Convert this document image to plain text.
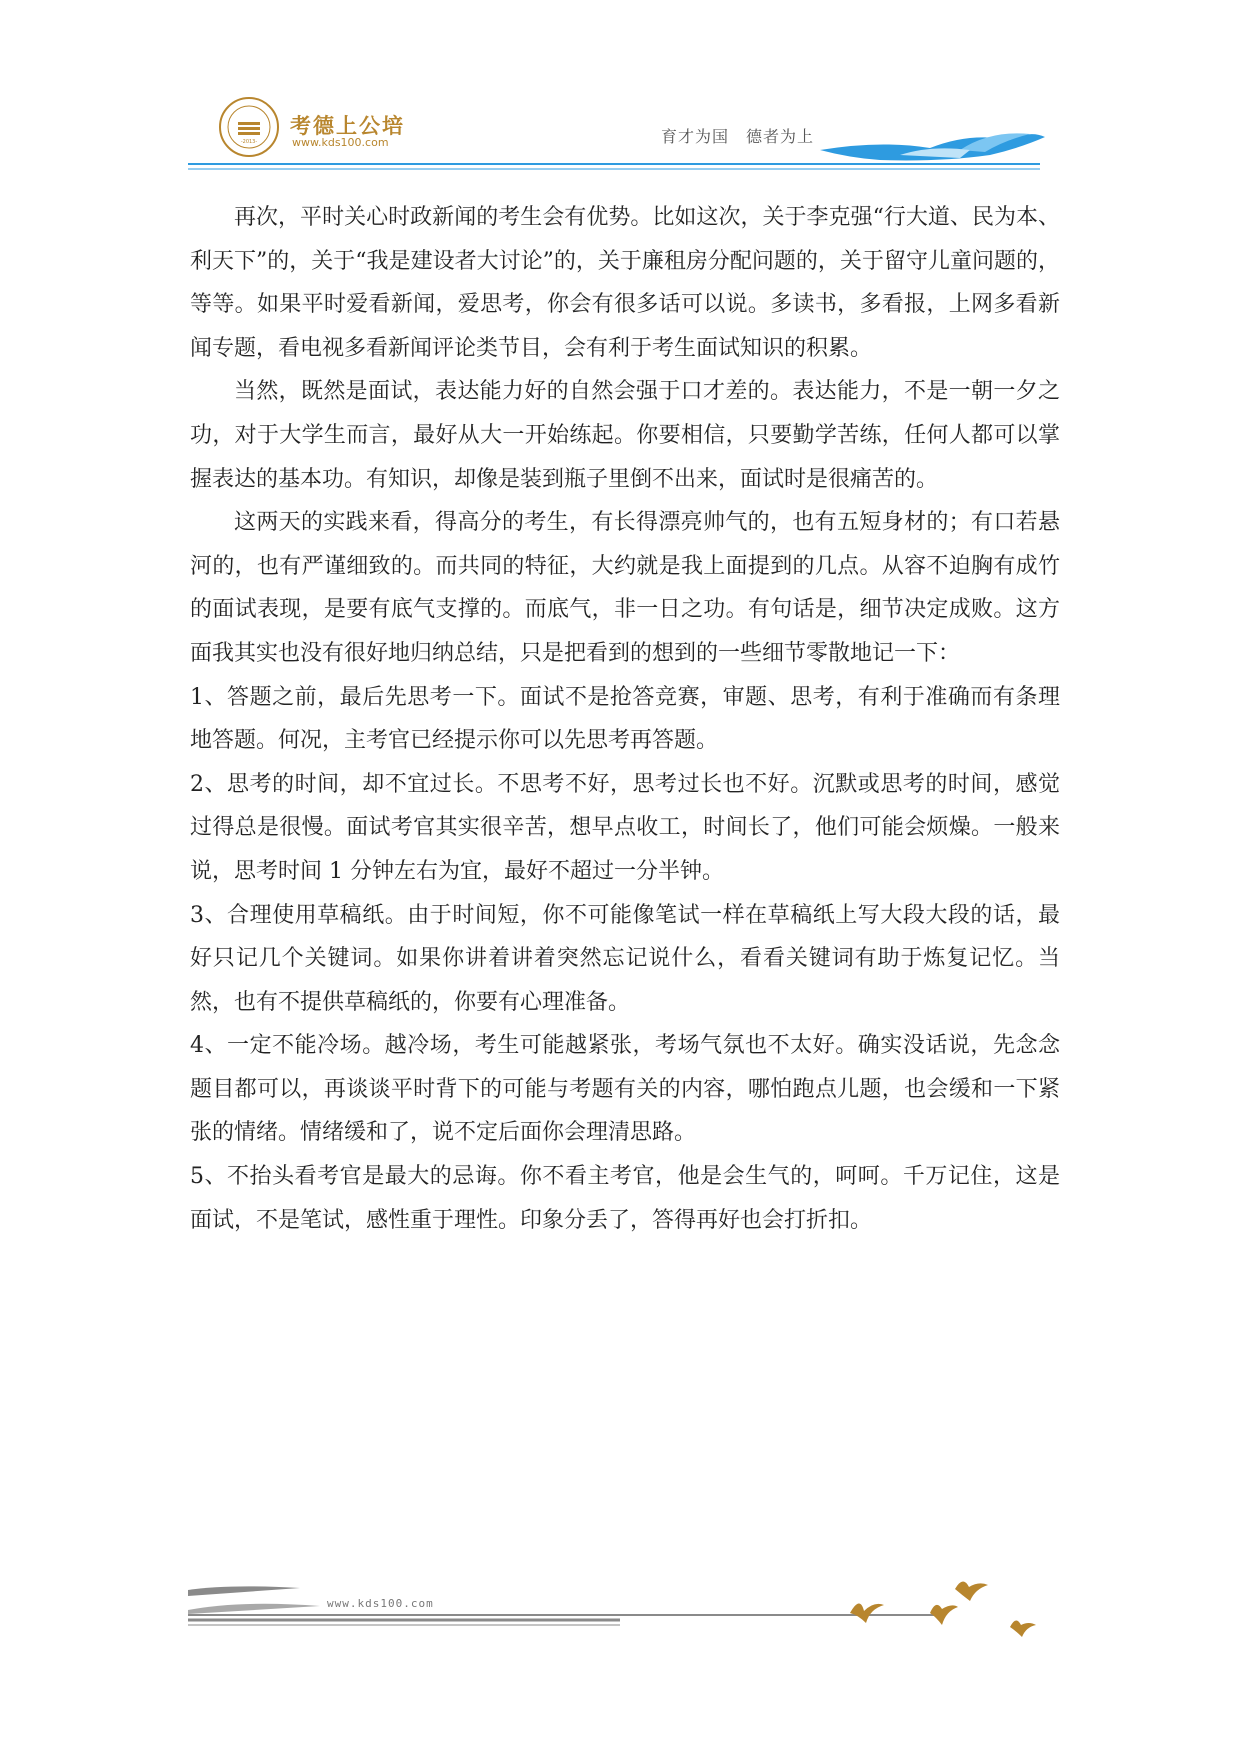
-2013-
考德上公培
www.kds100.com	育才为国　德者为上

再次，平时关心时政新闻的考生会有优势。比如这次，关于李克强“行大道、民为本、利天下”的，关于“我是建设者大讨论”的，关于廉租房分配问题的，关于留守儿童问题的，等等。如果平时爱看新闻，爱思考，你会有很多话可以说。多读书，多看报，上网多看新闻专题，看电视多看新闻评论类节目，会有利于考生面试知识的积累。

当然，既然是面试，表达能力好的自然会强于口才差的。表达能力，不是一朝一夕之功，对于大学生而言，最好从大一开始练起。你要相信，只要勤学苦练，任何人都可以掌握表达的基本功。有知识，却像是装到瓶子里倒不出来，面试时是很痛苦的。

这两天的实践来看，得高分的考生，有长得漂亮帅气的，也有五短身材的；有口若悬河的，也有严谨细致的。而共同的特征，大约就是我上面提到的几点。从容不迫胸有成竹的面试表现，是要有底气支撑的。而底气，非一日之功。有句话是，细节决定成败。这方面我其实也没有很好地归纳总结，只是把看到的想到的一些细节零散地记一下：

1、答题之前，最后先思考一下。面试不是抢答竞赛，审题、思考，有利于准确而有条理地答题。何况，主考官已经提示你可以先思考再答题。

2、思考的时间，却不宜过长。不思考不好，思考过长也不好。沉默或思考的时间，感觉过得总是很慢。面试考官其实很辛苦，想早点收工，时间长了，他们可能会烦燥。一般来说，思考时间 1 分钟左右为宜，最好不超过一分半钟。

3、合理使用草稿纸。由于时间短，你不可能像笔试一样在草稿纸上写大段大段的话，最好只记几个关键词。如果你讲着讲着突然忘记说什么，看看关键词有助于炼复记忆。当然，也有不提供草稿纸的，你要有心理准备。

4、一定不能冷场。越冷场，考生可能越紧张，考场气氛也不太好。确实没话说，先念念题目都可以，再谈谈平时背下的可能与考题有关的内容，哪怕跑点儿题，也会缓和一下紧张的情绪。情绪缓和了，说不定后面你会理清思路。

5、不抬头看考官是最大的忌诲。你不看主考官，他是会生气的，呵呵。千万记住，这是面试，不是笔试，感性重于理性。印象分丢了，答得再好也会打折扣。

www.kds100.com
